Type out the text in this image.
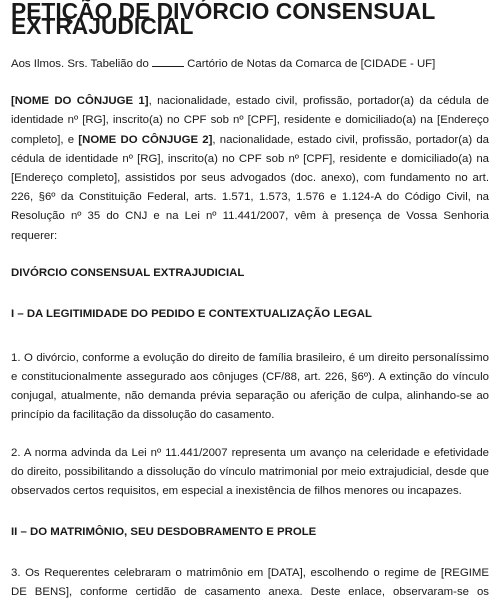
PETIÇÃO DE DIVÓRCIO CONSENSUAL EXTRAJUDICIAL

Aos Ilmos. Srs. Tabelião do	Cartório de Notas da Comarca de [CIDADE - UF]

[NOME DO CÔNJUGE 1], nacionalidade, estado civil, profissão, portador(a) da cédula de identidade nº [RG], inscrito(a) no CPF sob nº [CPF], residente e domiciliado(a) na [Endereço completo], e [NOME DO CÔNJUGE 2], nacionalidade, estado civil, profissão, portador(a) da cédula de identidade nº [RG], inscrito(a) no CPF sob nº [CPF], residente e domiciliado(a) na [Endereço completo], assistidos por seus advogados (doc. anexo), com fundamento no art. 226, §6º da Constituição Federal, arts. 1.571, 1.573, 1.576 e 1.124-A do Código Civil, na Resolução nº 35 do CNJ e na Lei nº 11.441/2007, vêm à presença de Vossa Senhoria requerer:

DIVÓRCIO CONSENSUAL EXTRAJUDICIAL
I – DA LEGITIMIDADE DO PEDIDO E CONTEXTUALIZAÇÃO LEGAL

1. O divórcio, conforme a evolução do direito de família brasileiro, é um direito personalíssimo e constitucionalmente assegurado aos cônjuges (CF/88, art. 226, §6º). A extinção do vínculo conjugal, atualmente, não demanda prévia separação ou aferição de culpa, alinhando-se ao princípio da facilitação da dissolução do casamento.

2. A norma advinda da Lei nº 11.441/2007 representa um avanço na celeridade e efetividade do direito, possibilitando a dissolução do vínculo matrimonial por meio extrajudicial, desde que observados certos requisitos, em especial a inexistência de filhos menores ou incapazes.

II – DO MATRIMÔNIO, SEU DESDOBRAMENTO E PROLE

3. Os Requerentes celebraram o matrimônio em [DATA], escolhendo o regime de [REGIME DE BENS], conforme certidão de casamento anexa. Deste enlace, observaram-se os
